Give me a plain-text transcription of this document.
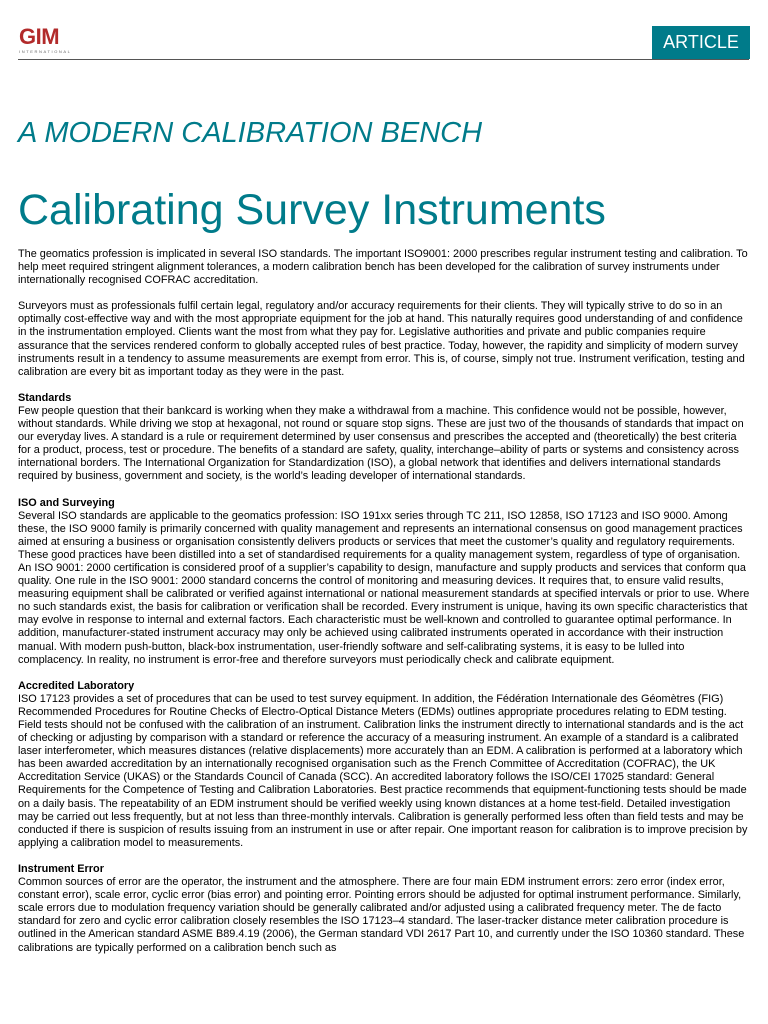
GIM
INTERNATIONAL	ARTICLE
A MODERN CALIBRATION BENCH
Calibrating Survey Instruments

The geomatics profession is implicated in several ISO standards. The important ISO9001: 2000 prescribes regular instrument testing and calibration. To help meet required stringent alignment tolerances, a modern calibration bench has been developed for the calibration of survey instruments under internationally recognised COFRAC accreditation.

Surveyors must as professionals fulfil certain legal, regulatory and/or accuracy requirements for their clients. They will typically strive to do so in an optimally cost-effective way and with the most appropriate equipment for the job at hand. This naturally requires good understanding of and confidence in the instrumentation employed. Clients want the most from what they pay for. Legislative authorities and private and public companies require assurance that the services rendered conform to globally accepted rules of best practice. Today, however, the rapidity and simplicity of modern survey instruments result in a tendency to assume measurements are exempt from error. This is, of course, simply not true. Instrument verification, testing and calibration are every bit as important today as they were in the past.

Standards
Few people question that their bankcard is working when they make a withdrawal from a machine. This confidence would not be possible, however, without standards. While driving we stop at hexagonal, not round or square stop signs. These are just two of the thousands of standards that impact on our everyday lives. A standard is a rule or requirement determined by user consensus and prescribes the accepted and (theoretically) the best criteria for a product, process, test or procedure. The benefits of a standard are safety, quality, interchange–ability of parts or systems and consistency across international borders. The International Organization for Standardization (ISO), a global network that identifies and delivers international standards required by business, government and society, is the world’s leading developer of international standards.

ISO and Surveying
Several ISO standards are applicable to the geomatics profession: ISO 191xx series through TC 211, ISO 12858, ISO 17123 and ISO 9000. Among these, the ISO 9000 family is primarily concerned with quality management and represents an international consensus on good management practices aimed at ensuring a business or organisation consistently delivers products or services that meet the customer’s quality and regulatory requirements. These good practices have been distilled into a set of standardised requirements for a quality management system, regardless of type of organisation. An ISO 9001: 2000 certification is considered proof of a supplier’s capability to design, manufacture and supply products and services that conform qua quality. One rule in the ISO 9001: 2000 standard concerns the control of monitoring and measuring devices. It requires that, to ensure valid results, measuring equipment shall be calibrated or verified against international or national measurement standards at specified intervals or prior to use. Where no such standards exist, the basis for calibration or verification shall be recorded. Every instrument is unique, having its own specific characteristics that may evolve in response to internal and external factors. Each characteristic must be well-known and controlled to guarantee optimal performance. In addition, manufacturer-stated instrument accuracy may only be achieved using calibrated instruments operated in accordance with their instruction manual. With modern push-button, black-box instrumentation, user-friendly software and self-calibrating systems, it is easy to be lulled into complacency. In reality, no instrument is error-free and therefore surveyors must periodically check and calibrate equipment.

Accredited Laboratory
ISO 17123 provides a set of procedures that can be used to test survey equipment. In addition, the Fédération Internationale des Géomètres (FIG) Recommended Procedures for Routine Checks of Electro-Optical Distance Meters (EDMs) outlines appropriate procedures relating to EDM testing. Field tests should not be confused with the calibration of an instrument. Calibration links the instrument directly to international standards and is the act of checking or adjusting by comparison with a standard or reference the accuracy of a measuring instrument. An example of a standard is a calibrated laser interferometer, which measures distances (relative displacements) more accurately than an EDM. A calibration is performed at a laboratory which has been awarded accreditation by an internationally recognised organisation such as the French Committee of Accreditation (COFRAC), the UK Accreditation Service (UKAS) or the Standards Council of Canada (SCC). An accredited laboratory follows the ISO/CEI 17025 standard: General Requirements for the Competence of Testing and Calibration Laboratories. Best practice recommends that equipment-functioning tests should be made on a daily basis. The repeatability of an EDM instrument should be verified weekly using known distances at a home test-field. Detailed investigation may be carried out less frequently, but at not less than three-monthly intervals. Calibration is generally performed less often than field tests and may be conducted if there is suspicion of results issuing from an instrument in use or after repair. One important reason for calibration is to improve precision by applying a calibration model to measurements.

Instrument Error
Common sources of error are the operator, the instrument and the atmosphere. There are four main EDM instrument errors: zero error (index error, constant error), scale error, cyclic error (bias error) and pointing error. Pointing errors should be adjusted for optimal instrument performance. Similarly, scale errors due to modulation frequency variation should be generally calibrated and/or adjusted using a calibrated frequency meter. The de facto standard for zero and cyclic error calibration closely resembles the ISO 17123–4 standard. The laser-tracker distance meter calibration procedure is outlined in the American standard ASME B89.4.19 (2006), the German standard VDI 2617 Part 10, and currently under the ISO 10360 standard. These calibrations are typically performed on a calibration bench such as
